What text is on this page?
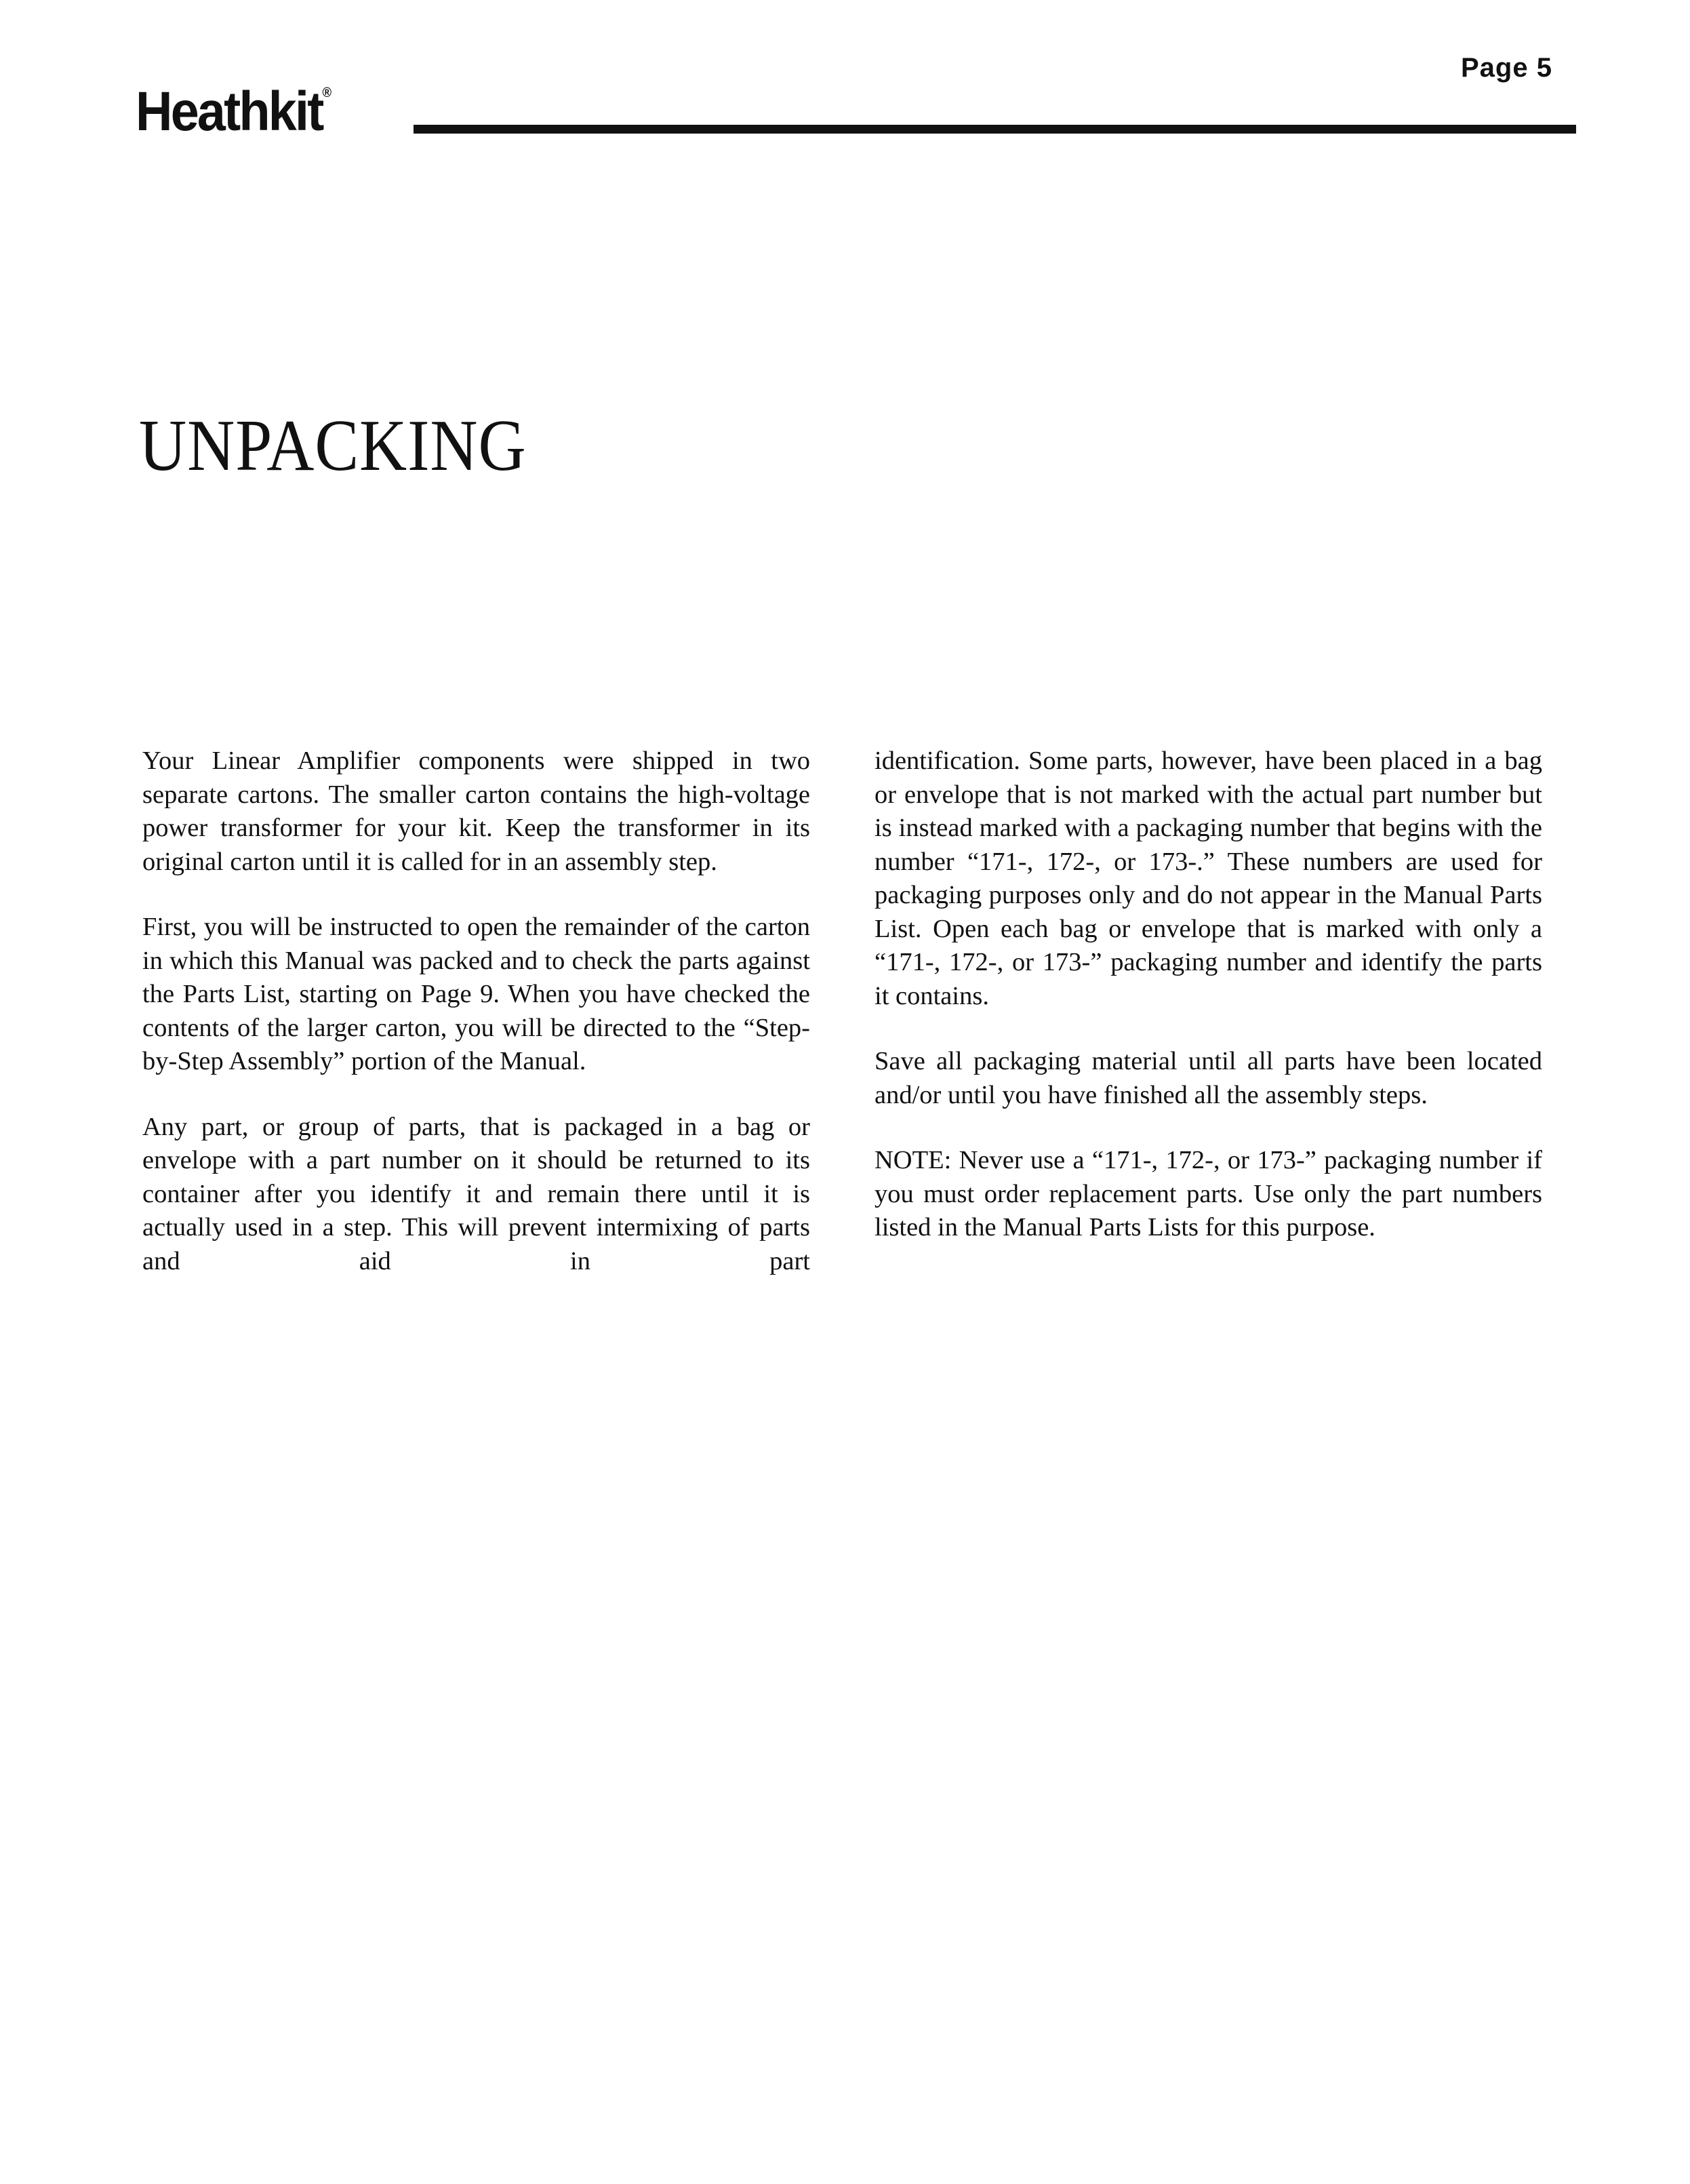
Page 5
Heathkit®
UNPACKING

Your Linear Amplifier components were shipped in two separate cartons. The smaller carton contains the high-voltage power transformer for your kit. Keep the transformer in its original carton until it is called for in an assembly step.

First, you will be instructed to open the remainder of the carton in which this Manual was packed and to check the parts against the Parts List, starting on Page 9. When you have checked the contents of the larger carton, you will be directed to the “Step-by-Step Assembly” portion of the Manual.

Any part, or group of parts, that is packaged in a bag or envelope with a part number on it should be returned to its container after you identify it and remain there until it is actually used in a step. This will prevent intermixing of parts and aid in part

identification. Some parts, however, have been placed in a bag or envelope that is not marked with the actual part number but is instead marked with a packaging number that begins with the number “171-, 172-, or 173-.” These numbers are used for packaging purposes only and do not appear in the Manual Parts List. Open each bag or envelope that is marked with only a “171-, 172-, or 173-” packaging number and identify the parts it contains.

Save all packaging material until all parts have been located and/or until you have finished all the assembly steps.

NOTE: Never use a “171-, 172-, or 173-” packaging number if you must order replacement parts. Use only the part numbers listed in the Manual Parts Lists for this purpose.
